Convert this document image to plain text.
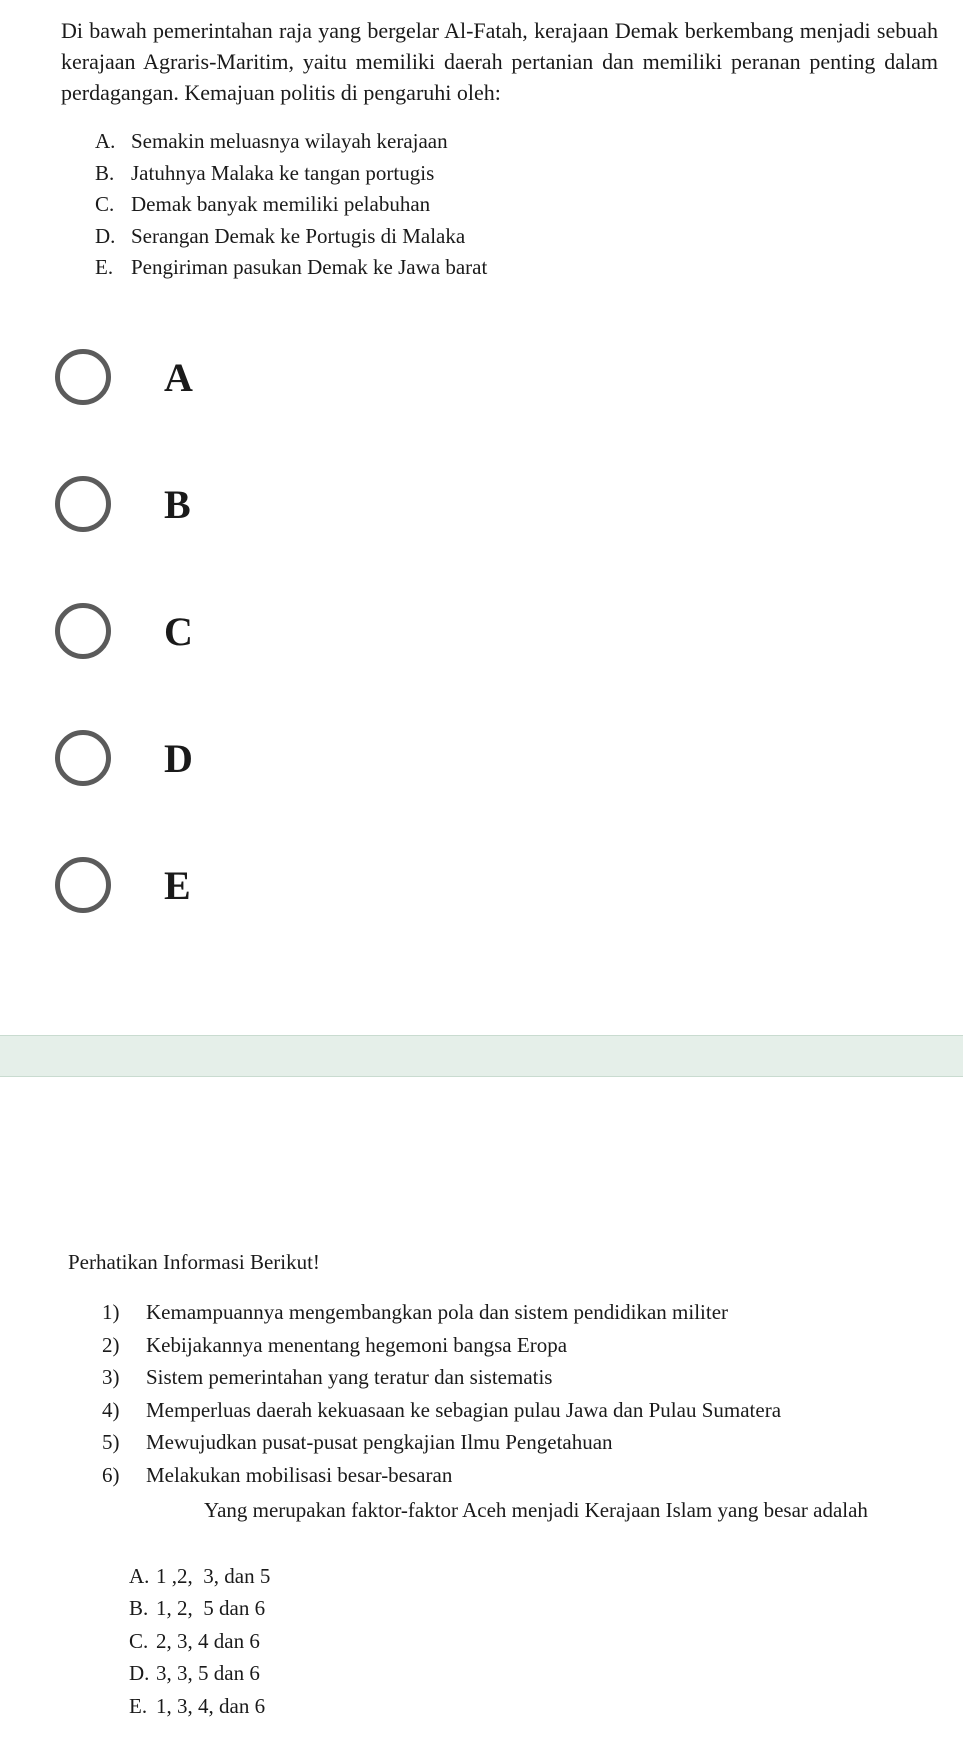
Di bawah pemerintahan raja yang bergelar Al-Fatah, kerajaan Demak berkembang menjadi sebuah kerajaan Agraris-Maritim, yaitu memiliki daerah pertanian dan memiliki peranan penting dalam perdagangan. Kemajuan politis di pengaruhi oleh:
A. Semakin meluasnya wilayah kerajaan
B. Jatuhnya Malaka ke tangan portugis
C. Demak banyak memiliki pelabuhan
D. Serangan Demak ke Portugis di Malaka
E. Pengiriman pasukan Demak ke Jawa barat
A
B
C
D
E
Perhatikan Informasi Berikut!
1)	Kemampuannya mengembangkan pola dan sistem pendidikan militer
2)	Kebijakannya menentang hegemoni bangsa Eropa
3)	Sistem pemerintahan yang teratur dan sistematis
4)	Memperluas daerah kekuasaan ke sebagian pulau Jawa dan Pulau Sumatera
5)	Mewujudkan pusat-pusat pengkajian Ilmu Pengetahuan
6)	Melakukan mobilisasi besar-besaran
Yang merupakan faktor-faktor Aceh menjadi Kerajaan Islam yang besar adalah
A. 1 ,2,  3, dan 5
B. 1, 2,  5 dan 6
C. 2, 3, 4 dan 6
D. 3, 3, 5 dan 6
E. 1, 3, 4, dan 6
